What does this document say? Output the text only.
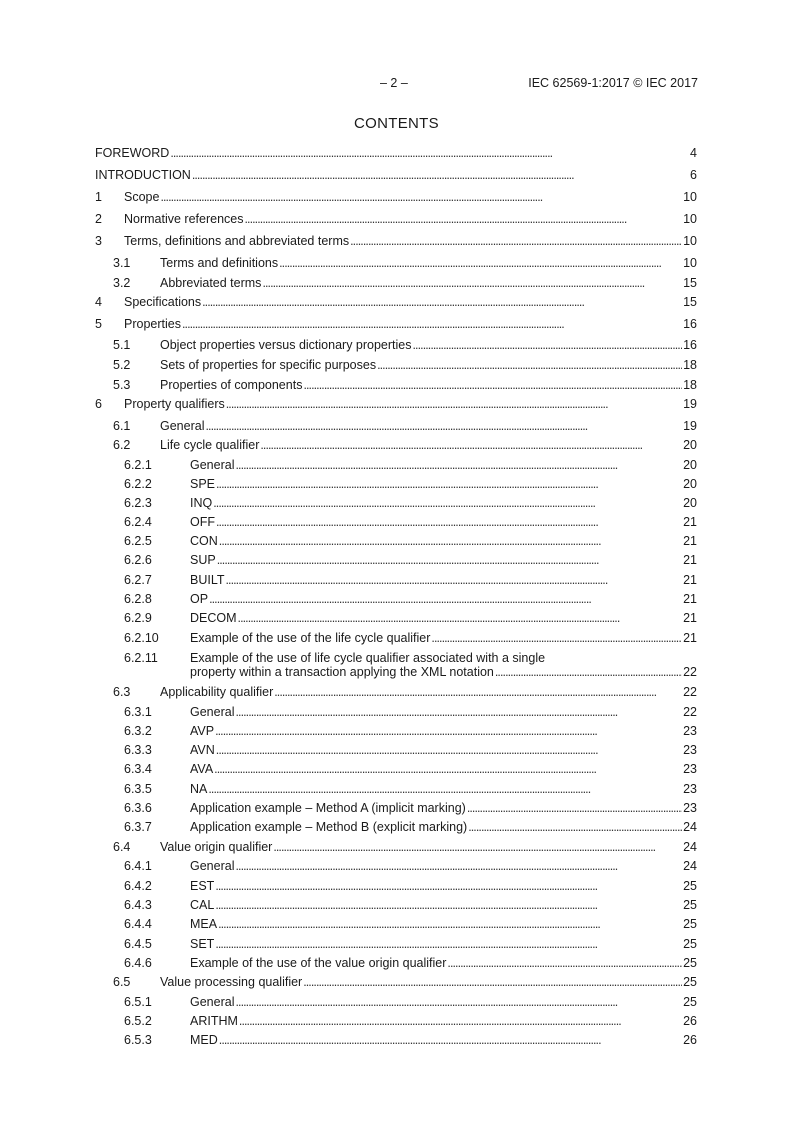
– 2 –	IEC 62569-1:2017 © IEC 2017
CONTENTS
FOREWORD . . .	4
INTRODUCTION . . .	6
1 Scope . . .	10
2 Normative references . . .	10
3 Terms, definitions and abbreviated terms . . .	10
3.1 Terms and definitions . . .	10
3.2 Abbreviated terms . . .	15
4 Specifications . . .	15
5 Properties . . .	16
5.1 Object properties versus dictionary properties . . .	16
5.2 Sets of properties for specific purposes . . .	18
5.3 Properties of components . . .	18
6 Property qualifiers . . .	19
6.1 General . . .	19
6.2 Life cycle qualifier . . .	20
6.2.1	General . . .	20
6.2.2	SPE . . .	20
6.2.3	INQ . . .	20
6.2.4	OFF . . .	21
6.2.5	CON . . .	21
6.2.6	SUP . . .	21
6.2.7	BUILT . . .	21
6.2.8	OP . . .	21
6.2.9	DECOM . . .	21
6.2.10 Example of the use of the life cycle qualifier . . .	21
6.2.11	Example of the use of life cycle qualifier associated with a single
property within a transaction applying the XML notation . . .	22
6.3 Applicability qualifier . . .	22
6.3.1	General . . .	22
6.3.2	AVP . . .	23
6.3.3	AVN . . .	23
6.3.4	AVA . . .	23
6.3.5	NA . . .	23
6.3.6	Application example – Method A (implicit marking) . . .	23
6.3.7	Application example – Method B (explicit marking) . . .	24
6.4 Value origin qualifier . . .	24
6.4.1	General . . .	24
6.4.2	EST . . .	25
6.4.3	CAL . . .	25
6.4.4	MEA . . .	25
6.4.5	SET . . .	25
6.4.6	Example of the use of the value origin qualifier . . .	25
6.5 Value processing qualifier . . .	25
6.5.1	General . . .	25
6.5.2	ARITHM . . .	26
6.5.3	MED . . .	26
